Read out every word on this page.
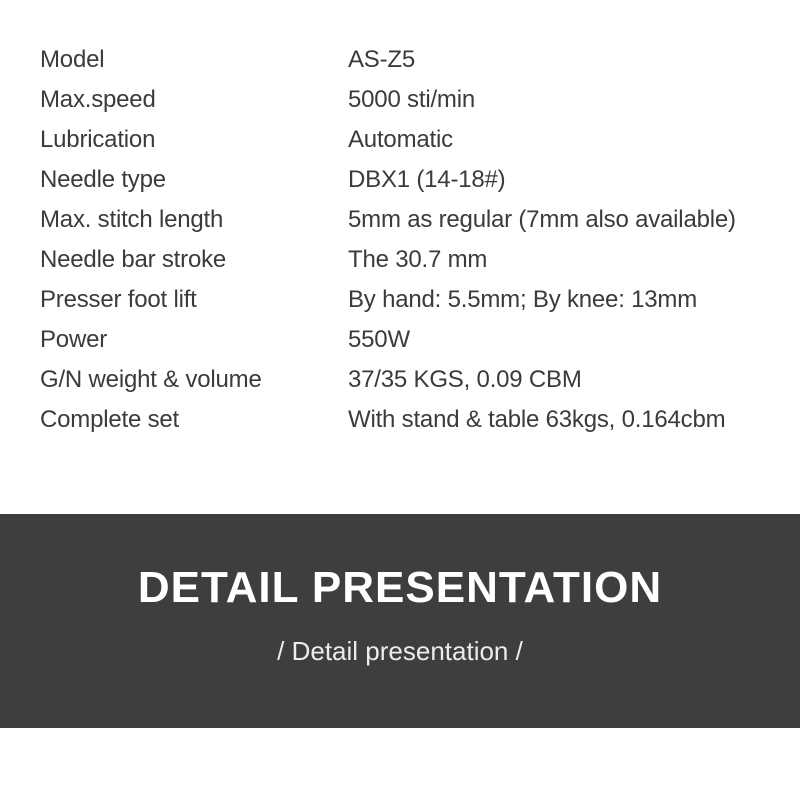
Model	AS-Z5
Max.speed	5000 sti/min
Lubrication	Automatic
Needle type	DBX1 (14-18#)
Max. stitch length	5mm as regular (7mm also available)
Needle bar stroke	The 30.7 mm
Presser foot lift	By hand: 5.5mm; By knee: 13mm
Power	550W
G/N weight & volume	37/35 KGS, 0.09 CBM
Complete set	With stand & table 63kgs, 0.164cbm
DETAIL PRESENTATION
/ Detail presentation /
